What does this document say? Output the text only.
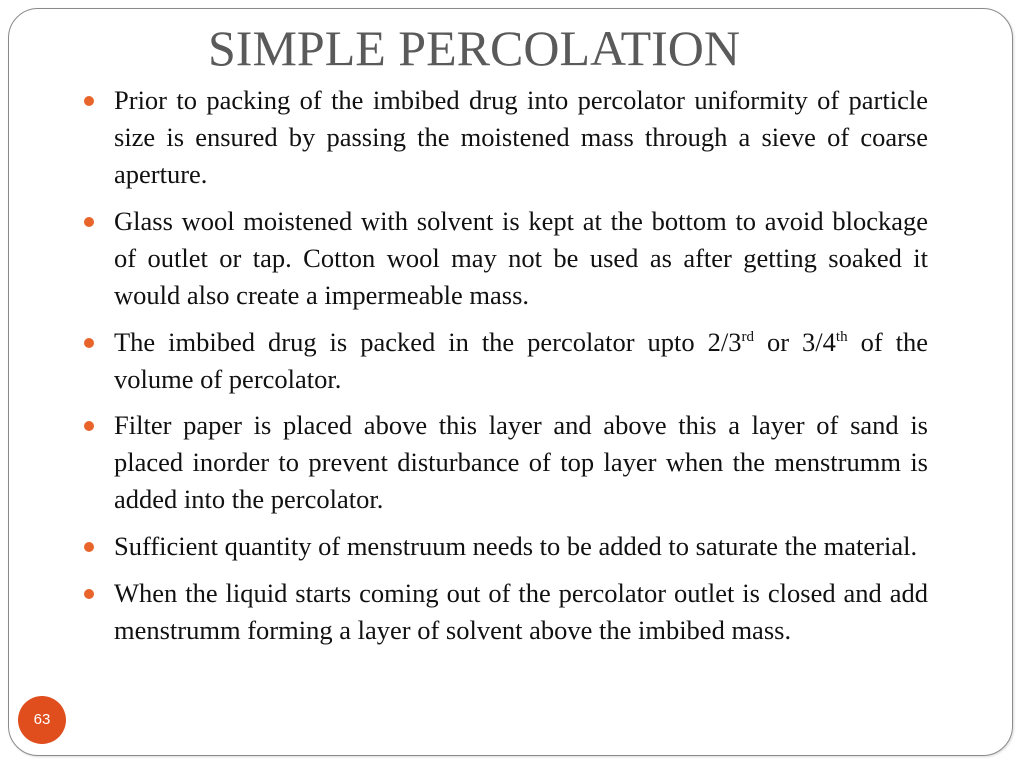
SIMPLE PERCOLATION
Prior to packing of the imbibed drug into percolator uniformity of particle size is ensured by passing the moistened mass through a sieve of coarse aperture.
Glass wool moistened with solvent is kept at the bottom to avoid blockage of outlet or tap. Cotton wool may not be used as after getting soaked it would also create a impermeable mass.
The imbibed drug is packed in the percolator upto 2/3rd or 3/4th of the volume of percolator.
Filter paper is placed above this layer and above this a layer of sand is placed inorder to prevent disturbance of top layer when the menstrumm is added into the percolator.
Sufficient quantity of menstruum needs to be added to saturate the material.
When the liquid starts coming out of the percolator outlet is closed and add menstrumm forming a layer of solvent above the imbibed mass.
63
